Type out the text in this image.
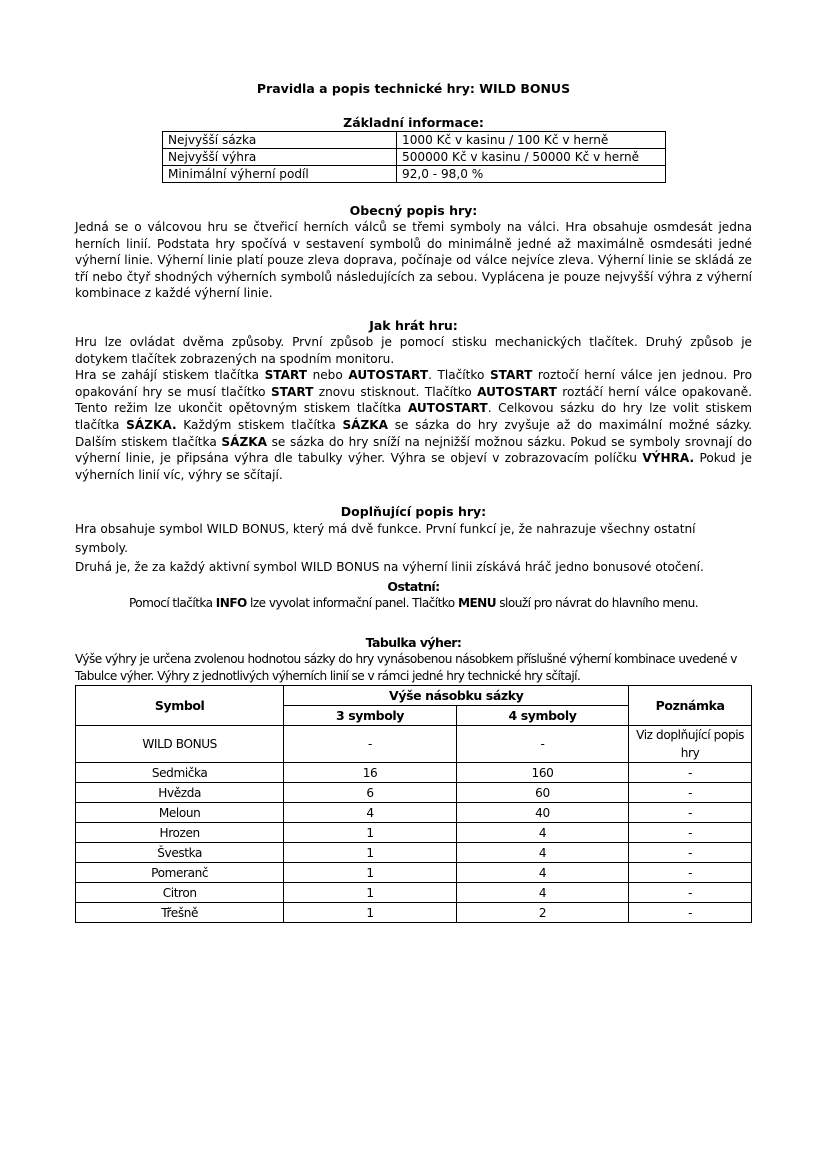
Pravidla a popis technické hry: WILD BONUS
Základní informace:
Nejvyšší sázka	1000 Kč v kasinu / 100 Kč v herně
Nejvyšší výhra	500000 Kč v kasinu / 50000 Kč v herně
Minimální výherní podíl	92,0 - 98,0 %
Obecný popis hry:
Jedná se o válcovou hru se čtveřicí herních válců se třemi symboly na válci. Hra obsahuje osmdesát jedna herních linií. Podstata hry spočívá v sestavení symbolů do minimálně jedné až maximálně osmdesáti jedné výherní linie. Výherní linie platí pouze zleva doprava, počínaje od válce nejvíce zleva. Výherní linie se skládá ze tří nebo čtyř shodných výherních symbolů následujících za sebou. Vyplácena je pouze nejvyšší výhra z výherní kombinace z každé výherní linie.
Jak hrát hru:

Hru lze ovládat dvěma způsoby. První způsob je pomocí stisku mechanických tlačítek. Druhý způsob je dotykem tlačítek zobrazených na spodním monitoru.

Hra se zahájí stiskem tlačítka START nebo AUTOSTART. Tlačítko START roztočí herní válce jen jednou. Pro opakování hry se musí tlačítko START znovu stisknout. Tlačítko AUTOSTART roztáčí herní válce opakovaně. Tento režim lze ukončit opětovným stiskem tlačítka AUTOSTART. Celkovou sázku do hry lze volit stiskem tlačítka SÁZKA. Každým stiskem tlačítka SÁZKA se sázka do hry zvyšuje až do maximální možné sázky. Dalším stiskem tlačítka SÁZKA se sázka do hry sníží na nejnižší možnou sázku. Pokud se symboly srovnají do výherní linie, je připsána výhra dle tabulky výher. Výhra se objeví v zobrazovacím políčku VÝHRA. Pokud je výherních linií víc, výhry se sčítají.

Doplňující popis hry:

Hra obsahuje symbol WILD BONUS, který má dvě funkce. První funkcí je, že nahrazuje všechny ostatní symboly.

Druhá je, že za každý aktivní symbol WILD BONUS na výherní linii získává hráč jedno bonusové otočení.

Ostatní:
Pomocí tlačítka INFO lze vyvolat informační panel. Tlačítko MENU slouží pro návrat do hlavního menu.
Tabulka výher:
Výše výhry je určena zvolenou hodnotou sázky do hry vynásobenou násobkem příslušné výherní kombinace uvedené v Tabulce výher. Výhry z jednotlivých výherních linií se v rámci jedné hry technické hry sčítají.
Symbol	Výše násobku sázky		Poznámka
	3 symboly	4 symboly	
WILD BONUS	-	-	Viz doplňující popis hry
Sedmička	16	160	-
Hvězda	6	60	-
Meloun	4	40	-
Hrozen	1	4	-
Švestka	1	4	-
Pomeranč	1	4	-
Citron	1	4	-
Třešně	1	2	-
